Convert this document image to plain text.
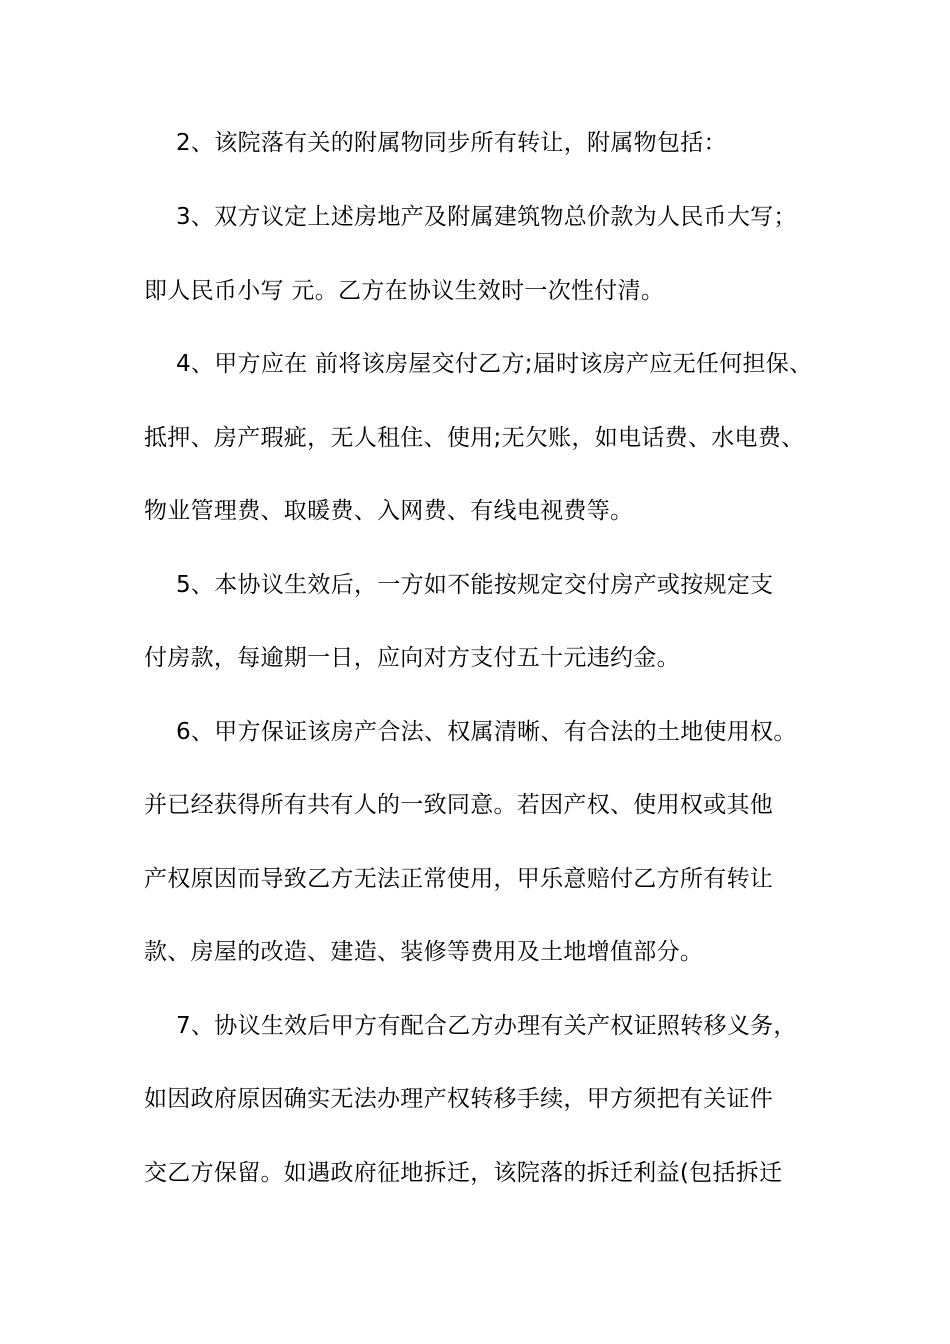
2、该院落有关的附属物同步所有转让，附属物包括：
3、双方议定上述房地产及附属建筑物总价款为人民币大写；
即人民币小写 元。乙方在协议生效时一次性付清。
4、甲方应在 前将该房屋交付乙方;届时该房产应无任何担保、
抵押、房产瑕疵，无人租住、使用;无欠账，如电话费、水电费、
物业管理费、取暖费、入网费、有线电视费等。
5、本协议生效后，一方如不能按规定交付房产或按规定支
付房款，每逾期一日，应向对方支付五十元违约金。
6、甲方保证该房产合法、权属清晰、有合法的土地使用权。
并已经获得所有共有人的一致同意。若因产权、使用权或其他
产权原因而导致乙方无法正常使用，甲乐意赔付乙方所有转让
款、房屋的改造、建造、装修等费用及土地增值部分。
7、协议生效后甲方有配合乙方办理有关产权证照转移义务，
如因政府原因确实无法办理产权转移手续，甲方须把有关证件
交乙方保留。如遇政府征地拆迁，该院落的拆迁利益(包括拆迁
